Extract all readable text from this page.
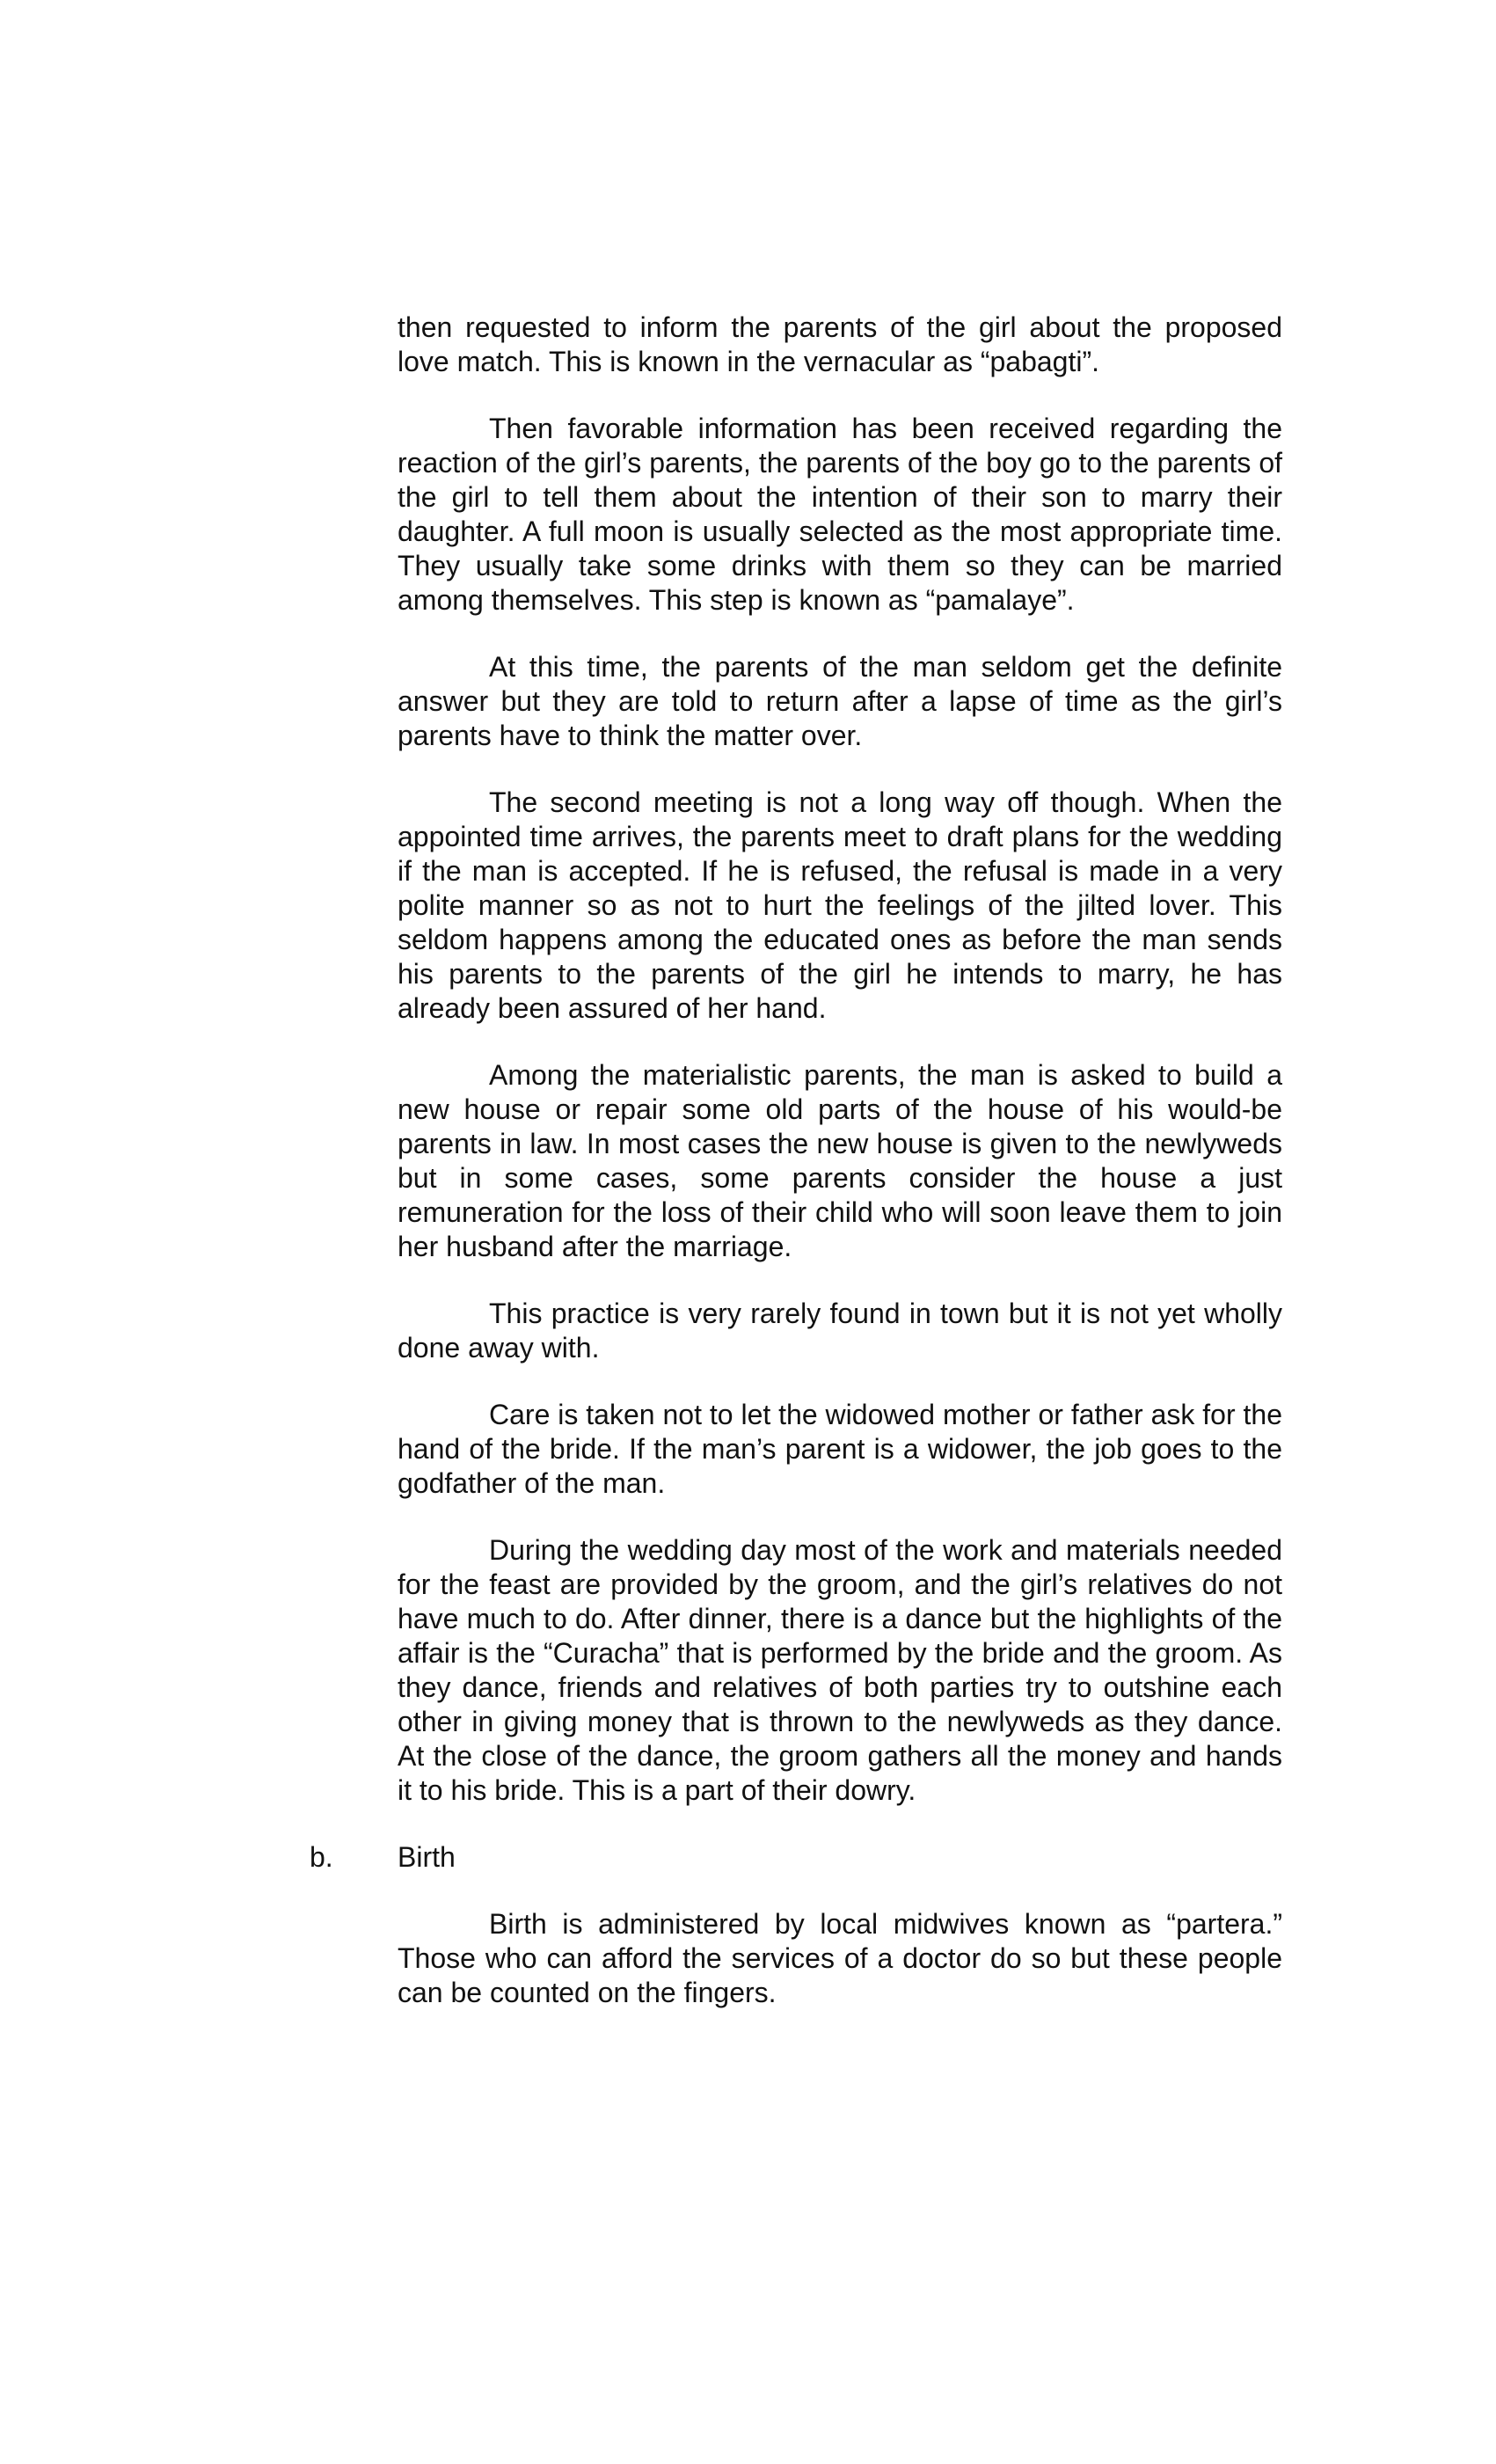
then requested to inform the parents of the girl about the proposed love match. This is known in the vernacular as “pabagti”.

Then favorable information has been received regarding the reaction of the girl’s parents, the parents of the boy go to the parents of the girl to tell them about the intention of their son to marry their daughter. A full moon is usually selected as the most appropriate time. They usually take some drinks with them so they can be married among themselves. This step is known as “pamalaye”.

At this time, the parents of the man seldom get the definite answer but they are told to return after a lapse of time as the girl’s parents have to think the matter over.

The second meeting is not a long way off though. When the appointed time arrives, the parents meet to draft plans for the wedding if the man is accepted. If he is refused, the refusal is made in a very polite manner so as not to hurt the feelings of the jilted lover. This seldom happens among the educated ones as before the man sends his parents to the parents of the girl he intends to marry, he has already been assured of her hand.

Among the materialistic parents, the man is asked to build a new house or repair some old parts of the house of his would-be parents in law. In most cases the new house is given to the newlyweds but in some cases, some parents consider the house a just remuneration for the loss of their child who will soon leave them to join her husband after the marriage.

This practice is very rarely found in town but it is not yet wholly done away with.

Care is taken not to let the widowed mother or father ask for the hand of the bride. If the man’s parent is a widower, the job goes to the godfather of the man.

During the wedding day most of the work and materials needed for the feast are provided by the groom, and the girl’s relatives do not have much to do. After dinner, there is a dance but the highlights of the affair is the “Curacha” that is performed by the bride and the groom. As they dance, friends and relatives of both parties try to outshine each other in giving money that is thrown to the newlyweds as they dance. At the close of the dance, the groom gathers all the money and hands it to his bride. This is a part of their dowry.

b. Birth

Birth is administered by local midwives known as “partera.” Those who can afford the services of a doctor do so but these people can be counted on the fingers.
